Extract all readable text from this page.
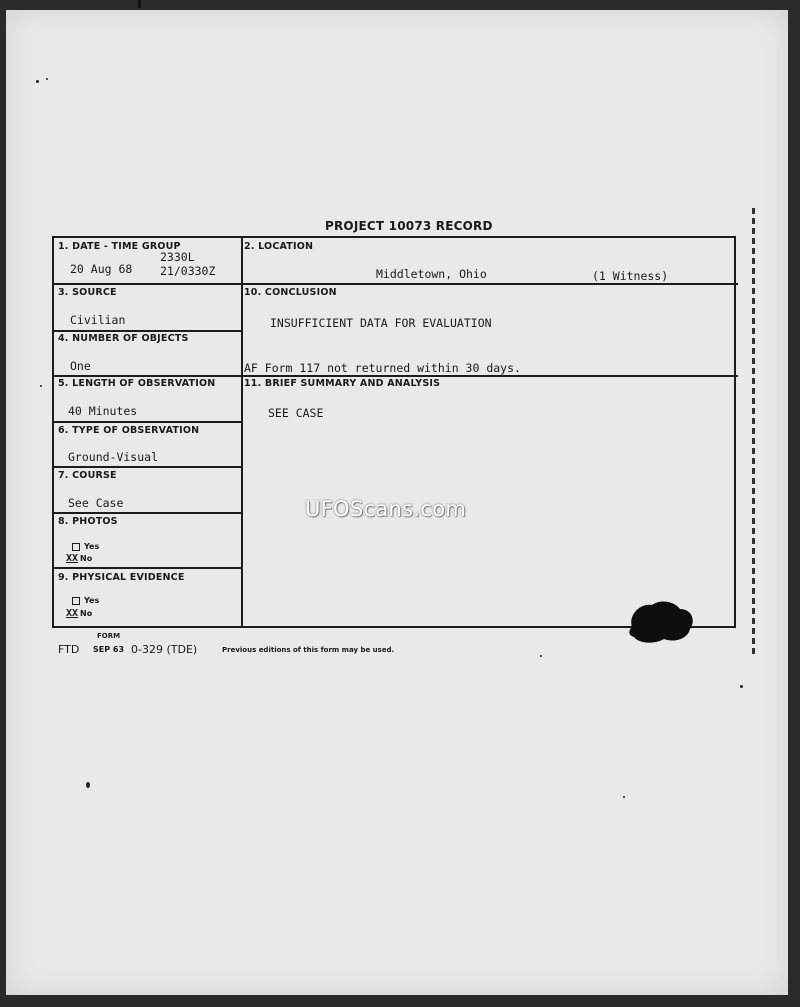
PROJECT 10073 RECORD
1. DATE - TIME GROUP
20 Aug 68
2330L
21/0330Z
2. LOCATION
Middletown, Ohio	(1 Witness)
3. SOURCE
Civilian
4. NUMBER OF OBJECTS
One
5. LENGTH OF OBSERVATION
40 Minutes
6. TYPE OF OBSERVATION
Ground-Visual
7. COURSE
See Case
8. PHOTOS
Yes
XX No
9. PHYSICAL EVIDENCE
Yes
XX No
10. CONCLUSION
INSUFFICIENT DATA FOR EVALUATION
AF Form 117 not returned within 30 days.
11. BRIEF SUMMARY AND ANALYSIS
SEE CASE
FORM
FTD SEP 63 0-329 (TDE)	Previous editions of this form may be used.
UFOScans.com
